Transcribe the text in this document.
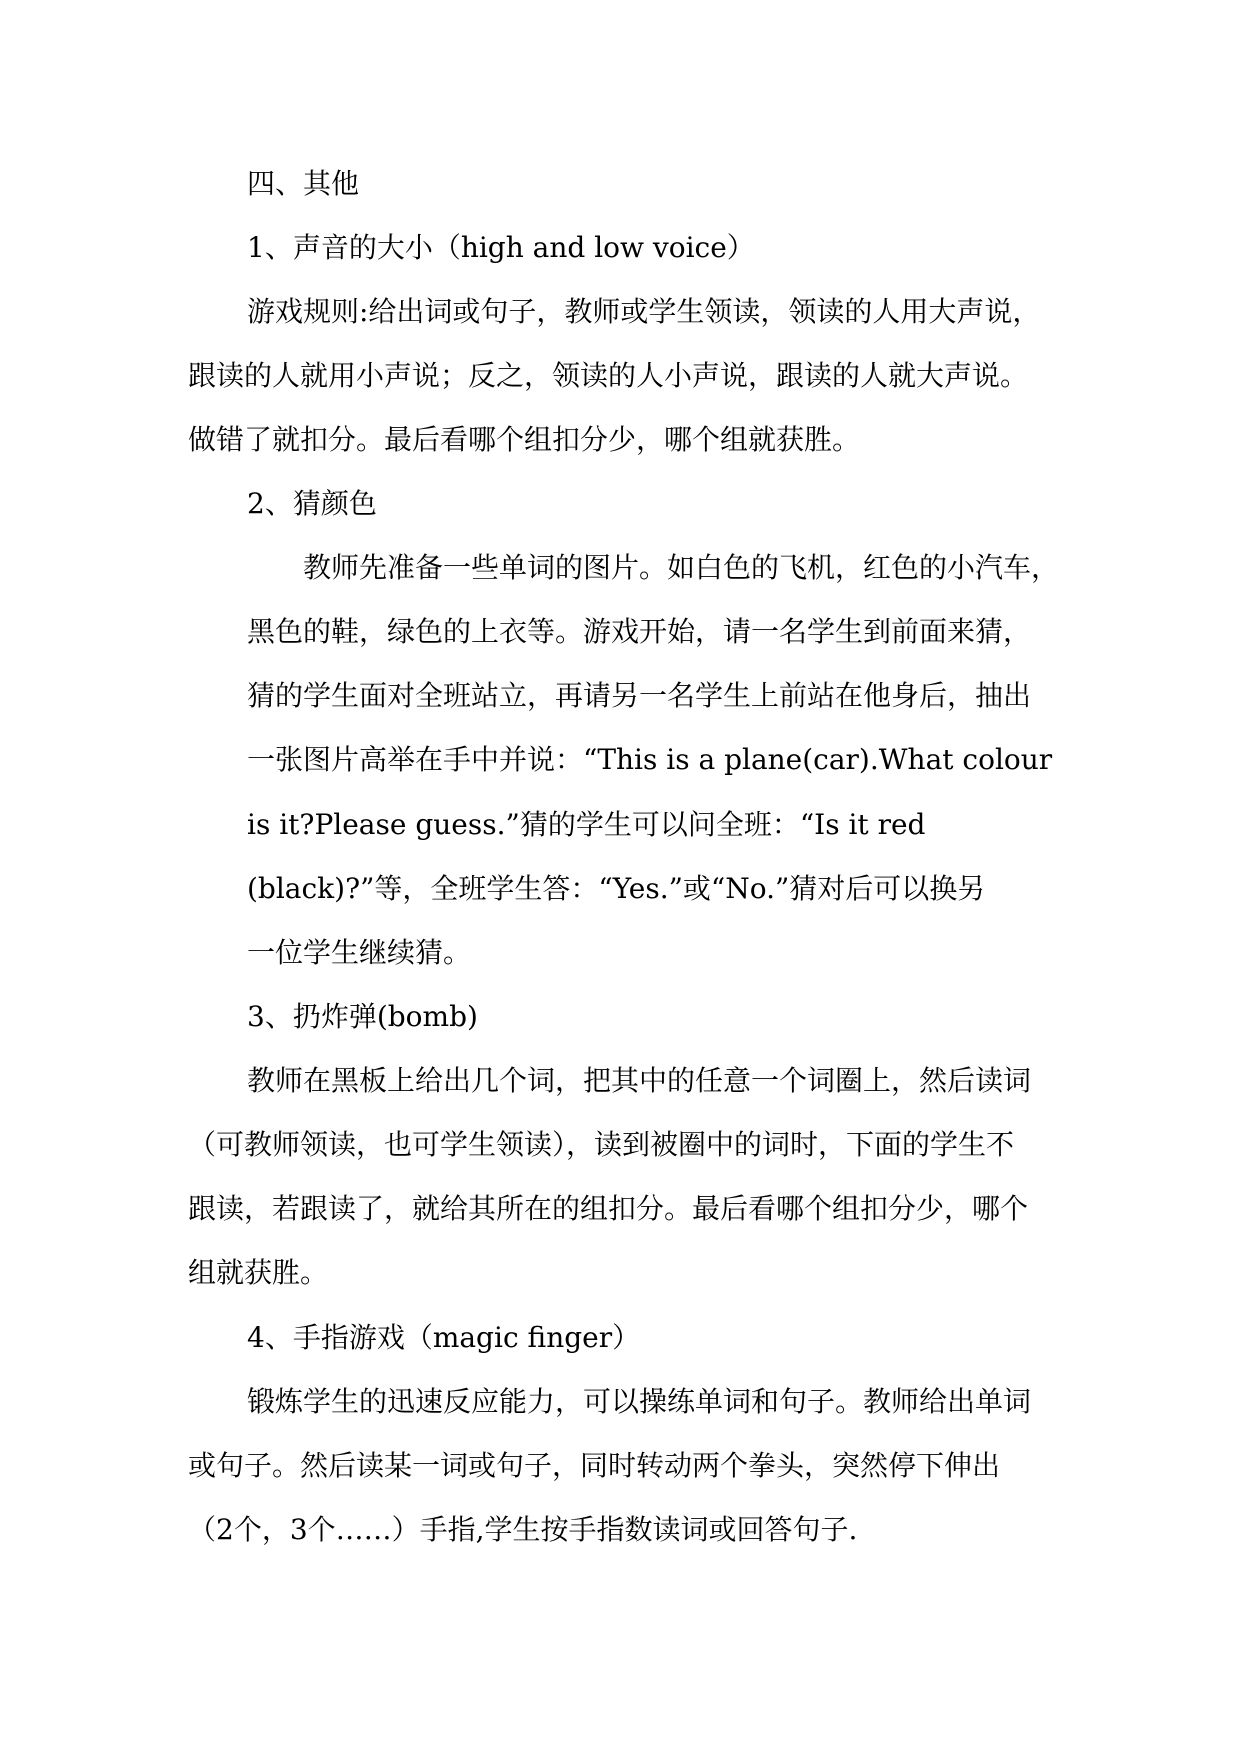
四、其他

1、声音的大小（high and low voice）

游戏规则:给出词或句子，教师或学生领读，领读的人用大声说，

跟读的人就用小声说；反之，领读的人小声说，跟读的人就大声说。

做错了就扣分。最后看哪个组扣分少，哪个组就获胜。

2、猜颜色

教师先准备一些单词的图片。如白色的飞机，红色的小汽车，

黑色的鞋，绿色的上衣等。游戏开始，请一名学生到前面来猜，

猜的学生面对全班站立，再请另一名学生上前站在他身后，抽出

一张图片高举在手中并说：“This is a plane(car).What colour

is it?Please guess.”猜的学生可以问全班：“Is it red

(black)?”等，全班学生答：“Yes.”或“No.”猜对后可以换另

一位学生继续猜。

3、扔炸弹(bomb)

教师在黑板上给出几个词，把其中的任意一个词圈上，然后读词

（可教师领读，也可学生领读），读到被圈中的词时，下面的学生不

跟读，若跟读了，就给其所在的组扣分。最后看哪个组扣分少，哪个

组就获胜。

4、手指游戏（magic finger）

锻炼学生的迅速反应能力，可以操练单词和句子。教师给出单词

或句子。然后读某一词或句子，同时转动两个拳头，突然停下伸出

（2个，3个……）手指,学生按手指数读词或回答句子.
